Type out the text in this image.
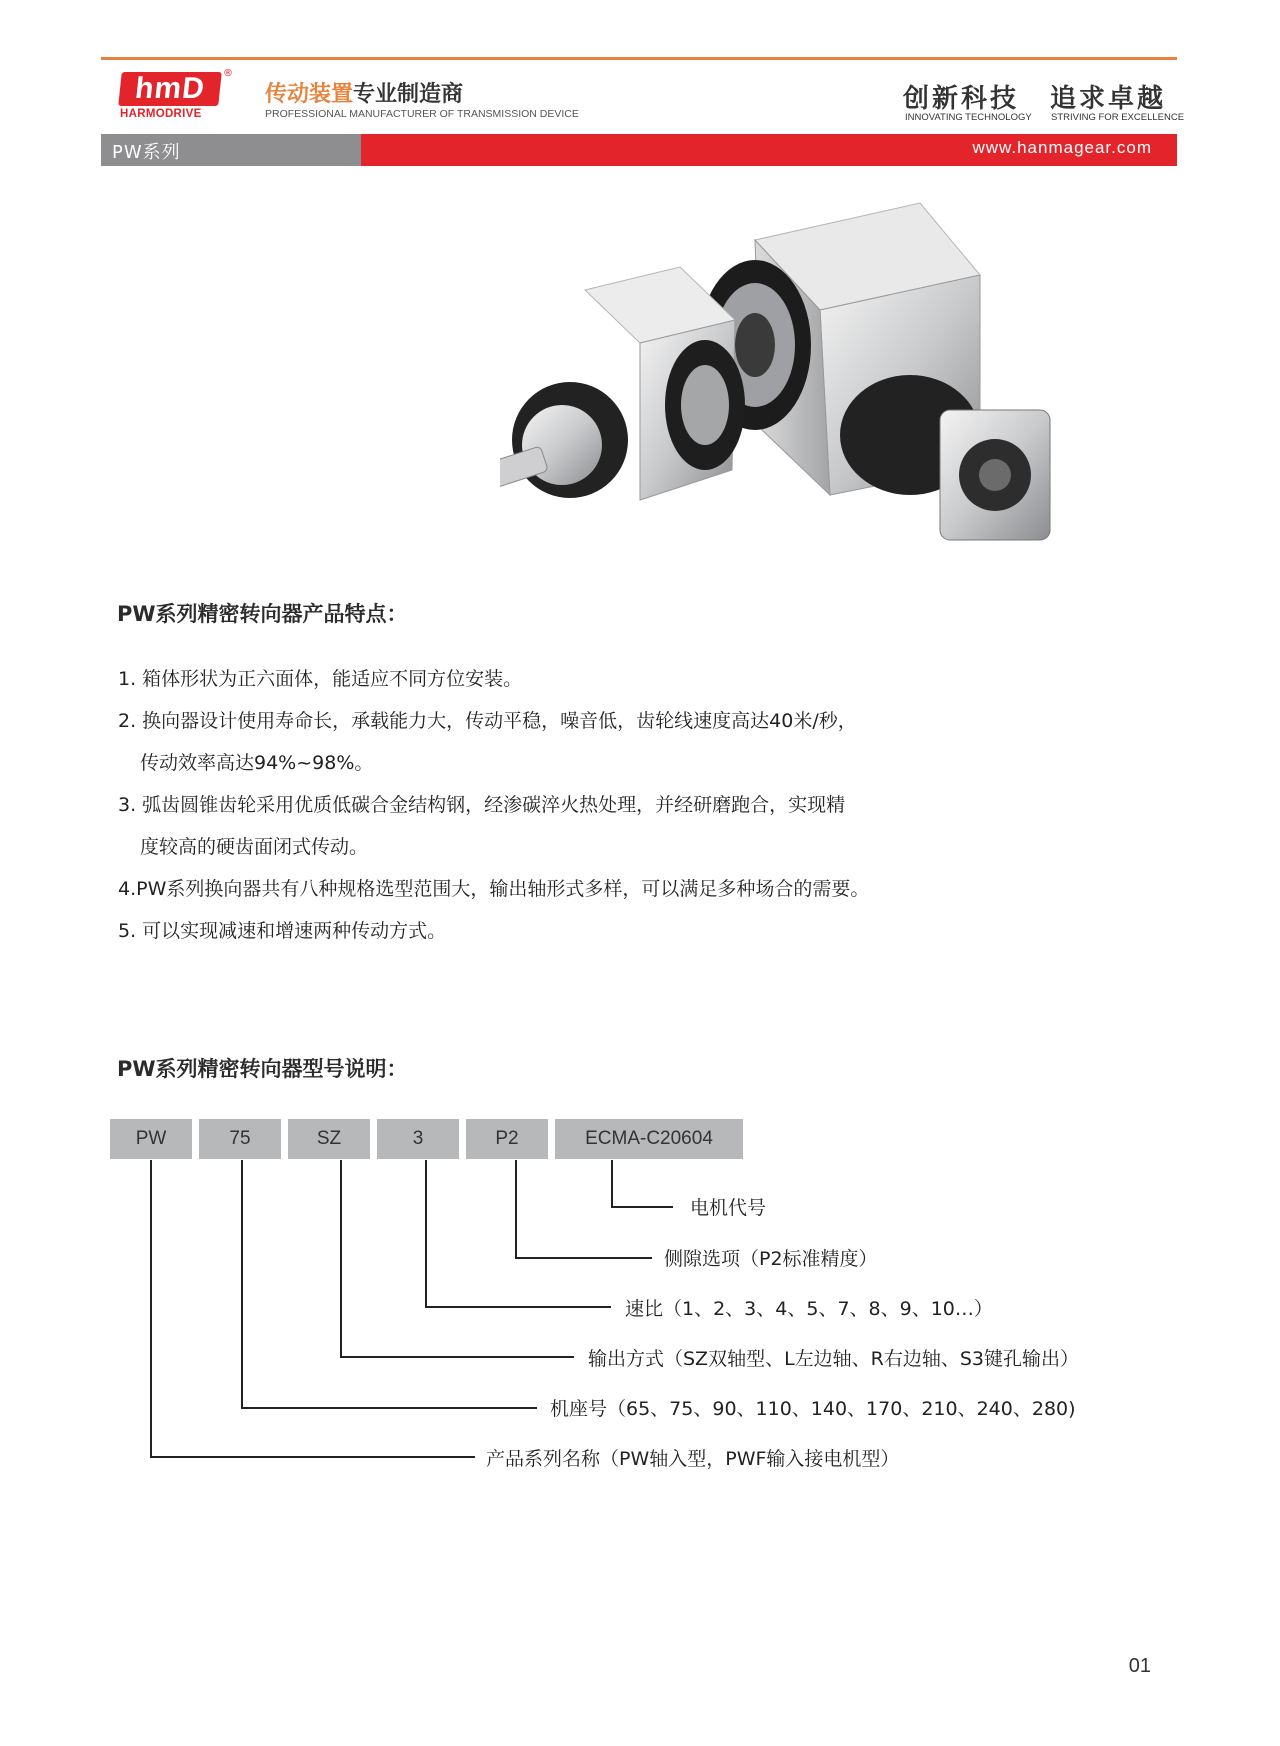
hmD	®
HARMODRIVE
传动装置专业制造商
PROFESSIONAL MANUFACTURER OF TRANSMISSION DEVICE	创新科技
INNOVATING TECHNOLOGY
追求卓越
STRIVING FOR EXCELLENCE
PW系列	www.hanmagear.com
PW系列精密转向器产品特点：
1. 箱体形状为正六面体，能适应不同方位安装。
2. 换向器设计使用寿命长，承载能力大，传动平稳，噪音低，齿轮线速度高达40米/秒，
传动效率高达94%~98%。
3. 弧齿圆锥齿轮采用优质低碳合金结构钢，经渗碳淬火热处理，并经研磨跑合，实现精
度较高的硬齿面闭式传动。
4.PW系列换向器共有八种规格选型范围大，输出轴形式多样，可以满足多种场合的需要。
5. 可以实现减速和增速两种传动方式。
PW系列精密转向器型号说明：
PW	75	SZ	3	P2	ECMA-C20604
电机代号
侧隙选项（P2标准精度）
速比（1、2、3、4、5、7、8、9、10…）
输出方式（SZ双轴型、L左边轴、R右边轴、S3键孔输出）
机座号（65、75、90、110、140、170、210、240、280)
产品系列名称（PW轴入型，PWF输入接电机型）
01
